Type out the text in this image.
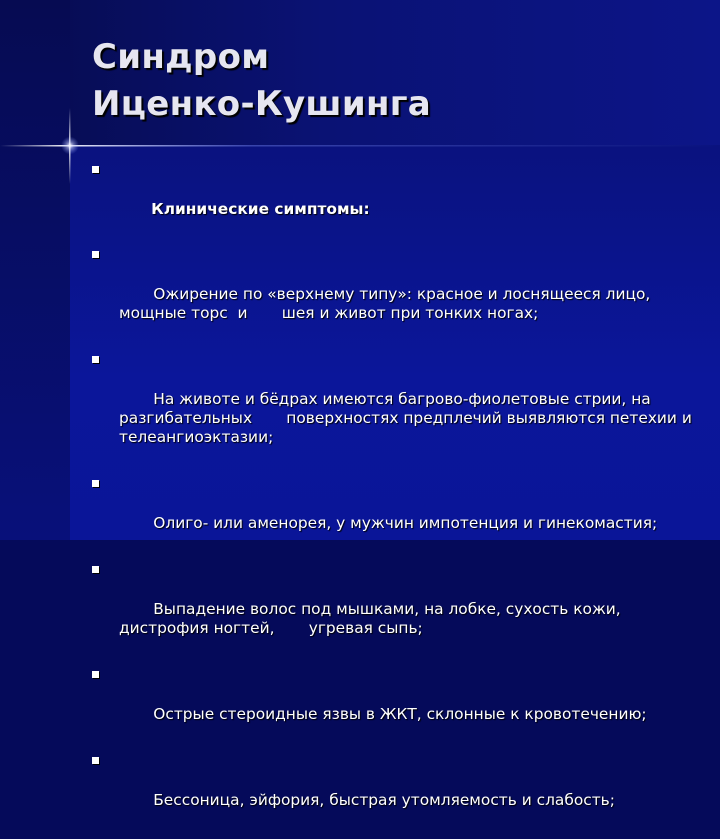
Синдром
Иценко-Кушинга

Клинические симптомы:

Ожирение по «верхнему типу»: красное и лоснящееся лицо, мощные торс  и       шея и живот при тонких ногах;

На животе и бёдрах имеются багрово-фиолетовые стрии, на разгибательных       поверхностях предплечий выявляются петехии и телеангиоэктазии;

Олиго- или аменорея, у мужчин импотенция и гинекомастия;

Выпадение волос под мышками, на лобке, сухость кожи, дистрофия ногтей,       угревая сыпь;

Острые стероидные язвы в ЖКТ, склонные к кровотечению;

Бессоница, эйфория, быстрая утомляемость и слабость;
